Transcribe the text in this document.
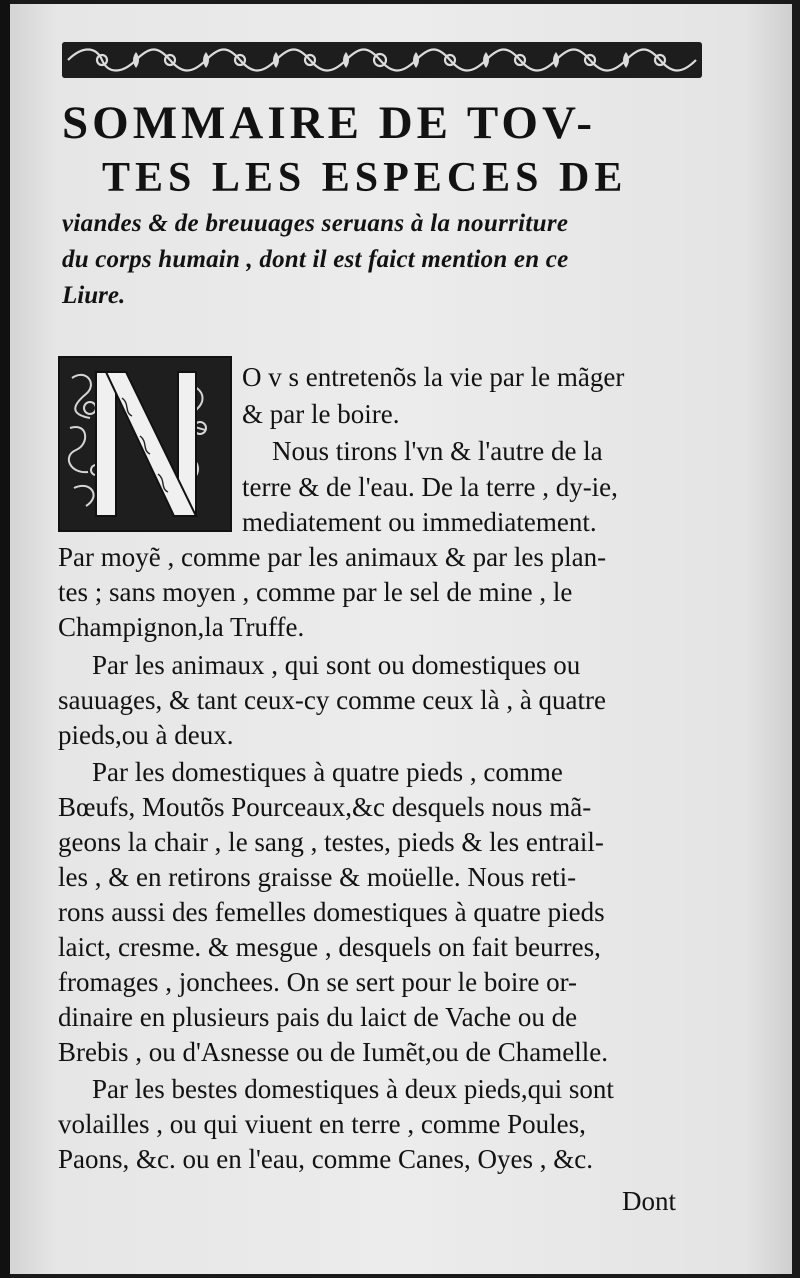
SOMMAIRE DE TOV-
TES LES ESPECES DE
viandes & de breuuages seruans à la nourriture
du corps humain , dont il est faict mention en ce
Liure.
O v s entretenõs la vie par le mãger
& par le boire.
Nous tirons l'vn & l'autre de la
terre & de l'eau. De la terre , dy-ie,
mediatement ou immediatement.
Par moyẽ , comme par les animaux & par les plan-
tes ; sans moyen , comme par le sel de mine , le
Champignon,la Truffe.
Par les animaux , qui sont ou domestiques ou
sauuages, & tant ceux-cy comme ceux là , à quatre
pieds,ou à deux.
Par les domestiques à quatre pieds , comme
Bœufs, Moutõs Pourceaux,&c desquels nous mã-
geons la chair , le sang , testes, pieds & les entrail-
les , & en retirons graisse & moüelle. Nous reti-
rons aussi des femelles domestiques à quatre pieds
laict, cresme. & mesgue , desquels on fait beurres,
fromages , jonchees. On se sert pour le boire or-
dinaire en plusieurs pais du laict de Vache ou de
Brebis , ou d'Asnesse ou de Iumẽt,ou de Chamelle.
Par les bestes domestiques à deux pieds,qui sont
volailles , ou qui viuent en terre , comme Poules,
Paons, &c. ou en l'eau, comme Canes, Oyes , &c.
Dont
